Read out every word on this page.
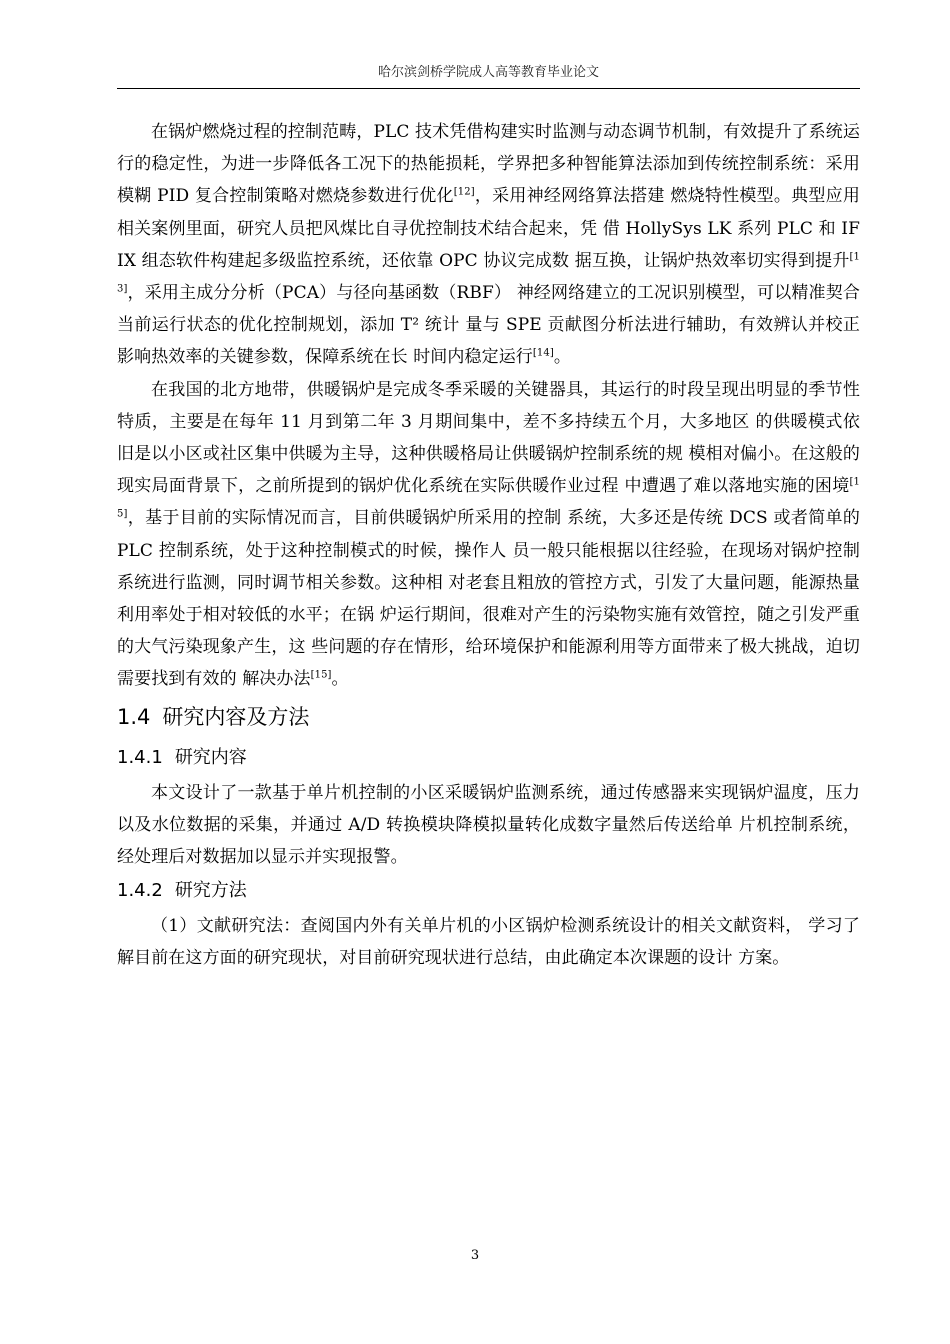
哈尔滨剑桥学院成人高等教育毕业论文

在锅炉燃烧过程的控制范畴，PLC 技术凭借构建实时监测与动态调节机制，有效提升了系统运行的稳定性，为进一步降低各工况下的热能损耗，学界把多种智能算法添加到传统控制系统：采用模糊 PID 复合控制策略对燃烧参数进行优化[12]，采用神经网络算法搭建 燃烧特性模型。典型应用相关案例里面，研究人员把风煤比自寻优控制技术结合起来，凭 借 HollySys LK 系列 PLC 和 IFIX 组态软件构建起多级监控系统，还依靠 OPC 协议完成数 据互换，让锅炉热效率切实得到提升[13]，采用主成分分析（PCA）与径向基函数（RBF） 神经网络建立的工况识别模型，可以精准契合当前运行状态的优化控制规划，添加 T² 统计 量与 SPE 贡献图分析法进行辅助，有效辨认并校正影响热效率的关键参数，保障系统在长 时间内稳定运行[14]。

在我国的北方地带，供暖锅炉是完成冬季采暖的关键器具，其运行的时段呈现出明显的季节性特质，主要是在每年 11 月到第二年 3 月期间集中，差不多持续五个月，大多地区 的供暖模式依旧是以小区或社区集中供暖为主导，这种供暖格局让供暖锅炉控制系统的规 模相对偏小。在这般的现实局面背景下，之前所提到的锅炉优化系统在实际供暖作业过程 中遭遇了难以落地实施的困境[15]，基于目前的实际情况而言，目前供暖锅炉所采用的控制 系统，大多还是传统 DCS 或者简单的 PLC 控制系统，处于这种控制模式的时候，操作人 员一般只能根据以往经验，在现场对锅炉控制系统进行监测，同时调节相关参数。这种相 对老套且粗放的管控方式，引发了大量问题，能源热量利用率处于相对较低的水平；在锅 炉运行期间，很难对产生的污染物实施有效管控，随之引发严重的大气污染现象产生，这 些问题的存在情形，给环境保护和能源利用等方面带来了极大挑战，迫切需要找到有效的 解决办法[15]。

1.4 研究内容及方法
1.4.1 研究内容

本文设计了一款基于单片机控制的小区采暖锅炉监测系统，通过传感器来实现锅炉温度，压力以及水位数据的采集，并通过 A/D 转换模块降模拟量转化成数字量然后传送给单 片机控制系统，经处理后对数据加以显示并实现报警。

1.4.2 研究方法

（1）文献研究法：查阅国内外有关单片机的小区锅炉检测系统设计的相关文献资料， 学习了解目前在这方面的研究现状，对目前研究现状进行总结，由此确定本次课题的设计 方案。

3
